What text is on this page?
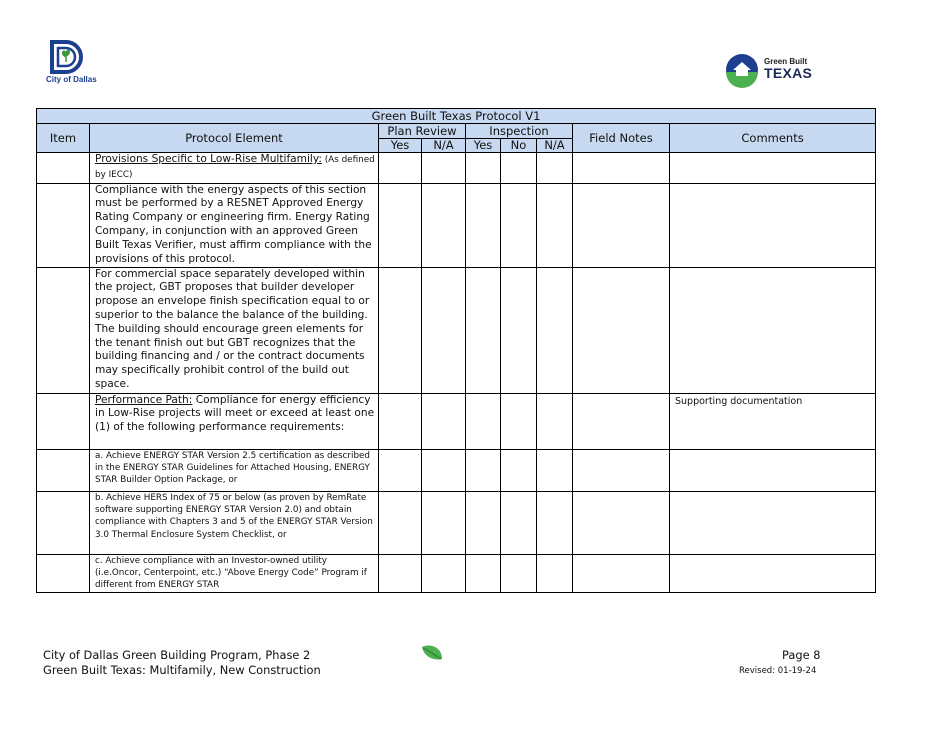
City of Dallas
Green Built
TEXAS
Green Built Texas Protocol V1								
Item	Protocol Element	Plan Review		Inspection			Field Notes	Comments
		Yes	N/A	Yes	No	N/A		
	Provisions Specific to Low-Rise Multifamily: (As defined by IECC)							
	Compliance with the energy aspects of this section must be performed by a RESNET Approved Energy Rating Company or engineering firm. Energy Rating Company, in conjunction with an approved Green Built Texas Verifier, must affirm compliance with the provisions of this protocol.							
	For commercial space separately developed within the project, GBT proposes that builder developer propose an envelope finish specification equal to or superior to the balance the balance of the building. The building should encourage green elements for the tenant finish out but GBT recognizes that the building financing and / or the contract documents may specifically prohibit control of the build out space.							
	Performance Path: Compliance for energy efficiency in Low-Rise projects will meet or exceed at least one (1) of the following performance requirements:							Supporting documentation
	a. Achieve ENERGY STAR Version 2.5 certification as described in the ENERGY STAR Guidelines for Attached Housing, ENERGY STAR Builder Option Package, or							
	b. Achieve HERS Index of 75 or below (as proven by RemRate software supporting ENERGY STAR Version 2.0) and obtain compliance with Chapters 3 and 5 of the ENERGY STAR Version 3.0 Thermal Enclosure System Checklist, or							
	c. Achieve compliance with an Investor-owned utility (i.e.Oncor, Centerpoint, etc.) “Above Energy Code” Program if different from ENERGY STAR							
City of Dallas Green Building Program, Phase 2
Green Built Texas: Multifamily, New Construction
Page 8
Revised: 01-19-24
